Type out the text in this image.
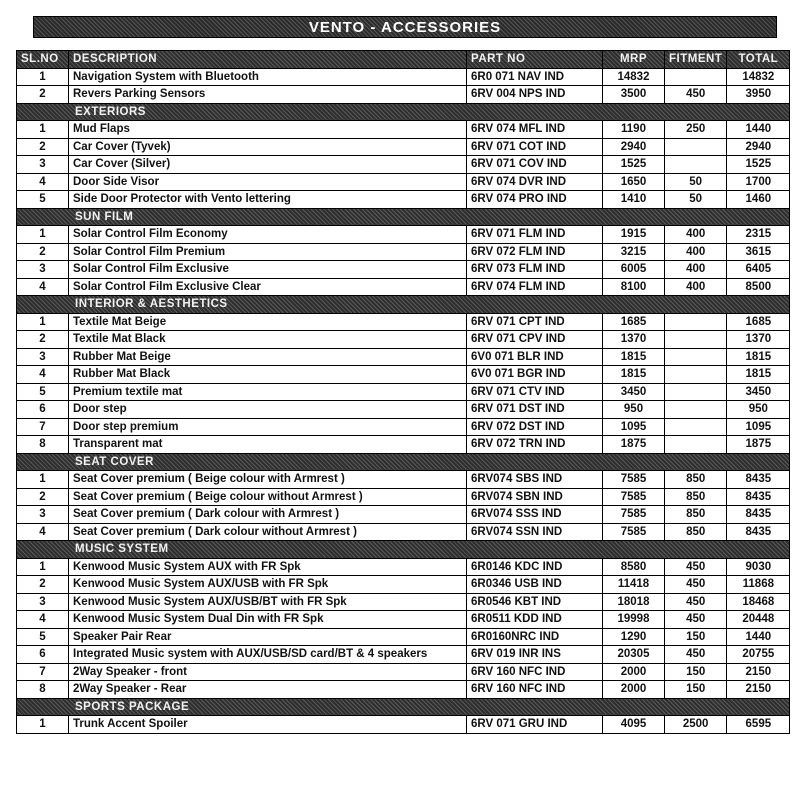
VENTO - ACCESSORIES
SL.NO	DESCRIPTION	PART NO	MRP	FITMENT	TOTAL
1	Navigation System with Bluetooth	6R0 071 NAV IND	14832		14832
2	Revers Parking Sensors	6RV 004 NPS IND	3500	450	3950
EXTERIORS					
1	Mud Flaps	6RV 074 MFL IND	1190	250	1440
2	Car Cover (Tyvek)	6RV 071 COT IND	2940		2940
3	Car Cover (Silver)	6RV 071 COV IND	1525		1525
4	Door Side Visor	6RV 074 DVR IND	1650	50	1700
5	Side Door Protector with Vento lettering	6RV 074 PRO IND	1410	50	1460
SUN FILM					
1	Solar Control Film Economy	6RV 071 FLM IND	1915	400	2315
2	Solar Control Film Premium	6RV 072 FLM IND	3215	400	3615
3	Solar Control Film Exclusive	6RV 073 FLM IND	6005	400	6405
4	Solar Control Film Exclusive Clear	6RV 074 FLM IND	8100	400	8500
INTERIOR & AESTHETICS					
1	Textile Mat Beige	6RV 071 CPT IND	1685		1685
2	Textile Mat Black	6RV 071 CPV IND	1370		1370
3	Rubber Mat Beige	6V0 071 BLR IND	1815		1815
4	Rubber Mat Black	6V0 071 BGR IND	1815		1815
5	Premium textile mat	6RV 071 CTV IND	3450		3450
6	Door step	6RV 071 DST IND	950		950
7	Door step premium	6RV 072 DST IND	1095		1095
8	Transparent mat	6RV 072 TRN IND	1875		1875
SEAT COVER					
1	Seat Cover premium ( Beige colour with Armrest )	6RV074 SBS IND	7585	850	8435
2	Seat Cover premium ( Beige colour without Armrest )	6RV074 SBN IND	7585	850	8435
3	Seat Cover premium ( Dark colour with Armrest )	6RV074 SSS IND	7585	850	8435
4	Seat Cover premium ( Dark colour without Armrest )	6RV074 SSN IND	7585	850	8435
MUSIC SYSTEM					
1	Kenwood Music System AUX with FR Spk	6R0146 KDC IND	8580	450	9030
2	Kenwood Music System AUX/USB with FR Spk	6R0346 USB IND	11418	450	11868
3	Kenwood Music System AUX/USB/BT with FR Spk	6R0546 KBT IND	18018	450	18468
4	Kenwood Music System Dual Din with FR Spk	6R0511 KDD IND	19998	450	20448
5	Speaker Pair Rear	6R0160NRC IND	1290	150	1440
6	Integrated Music system with AUX/USB/SD card/BT & 4 speakers	6RV 019 INR INS	20305	450	20755
7	2Way Speaker - front	6RV 160 NFC IND	2000	150	2150
8	2Way Speaker - Rear	6RV 160 NFC IND	2000	150	2150
SPORTS PACKAGE					
1	Trunk Accent Spoiler	6RV 071 GRU IND	4095	2500	6595
